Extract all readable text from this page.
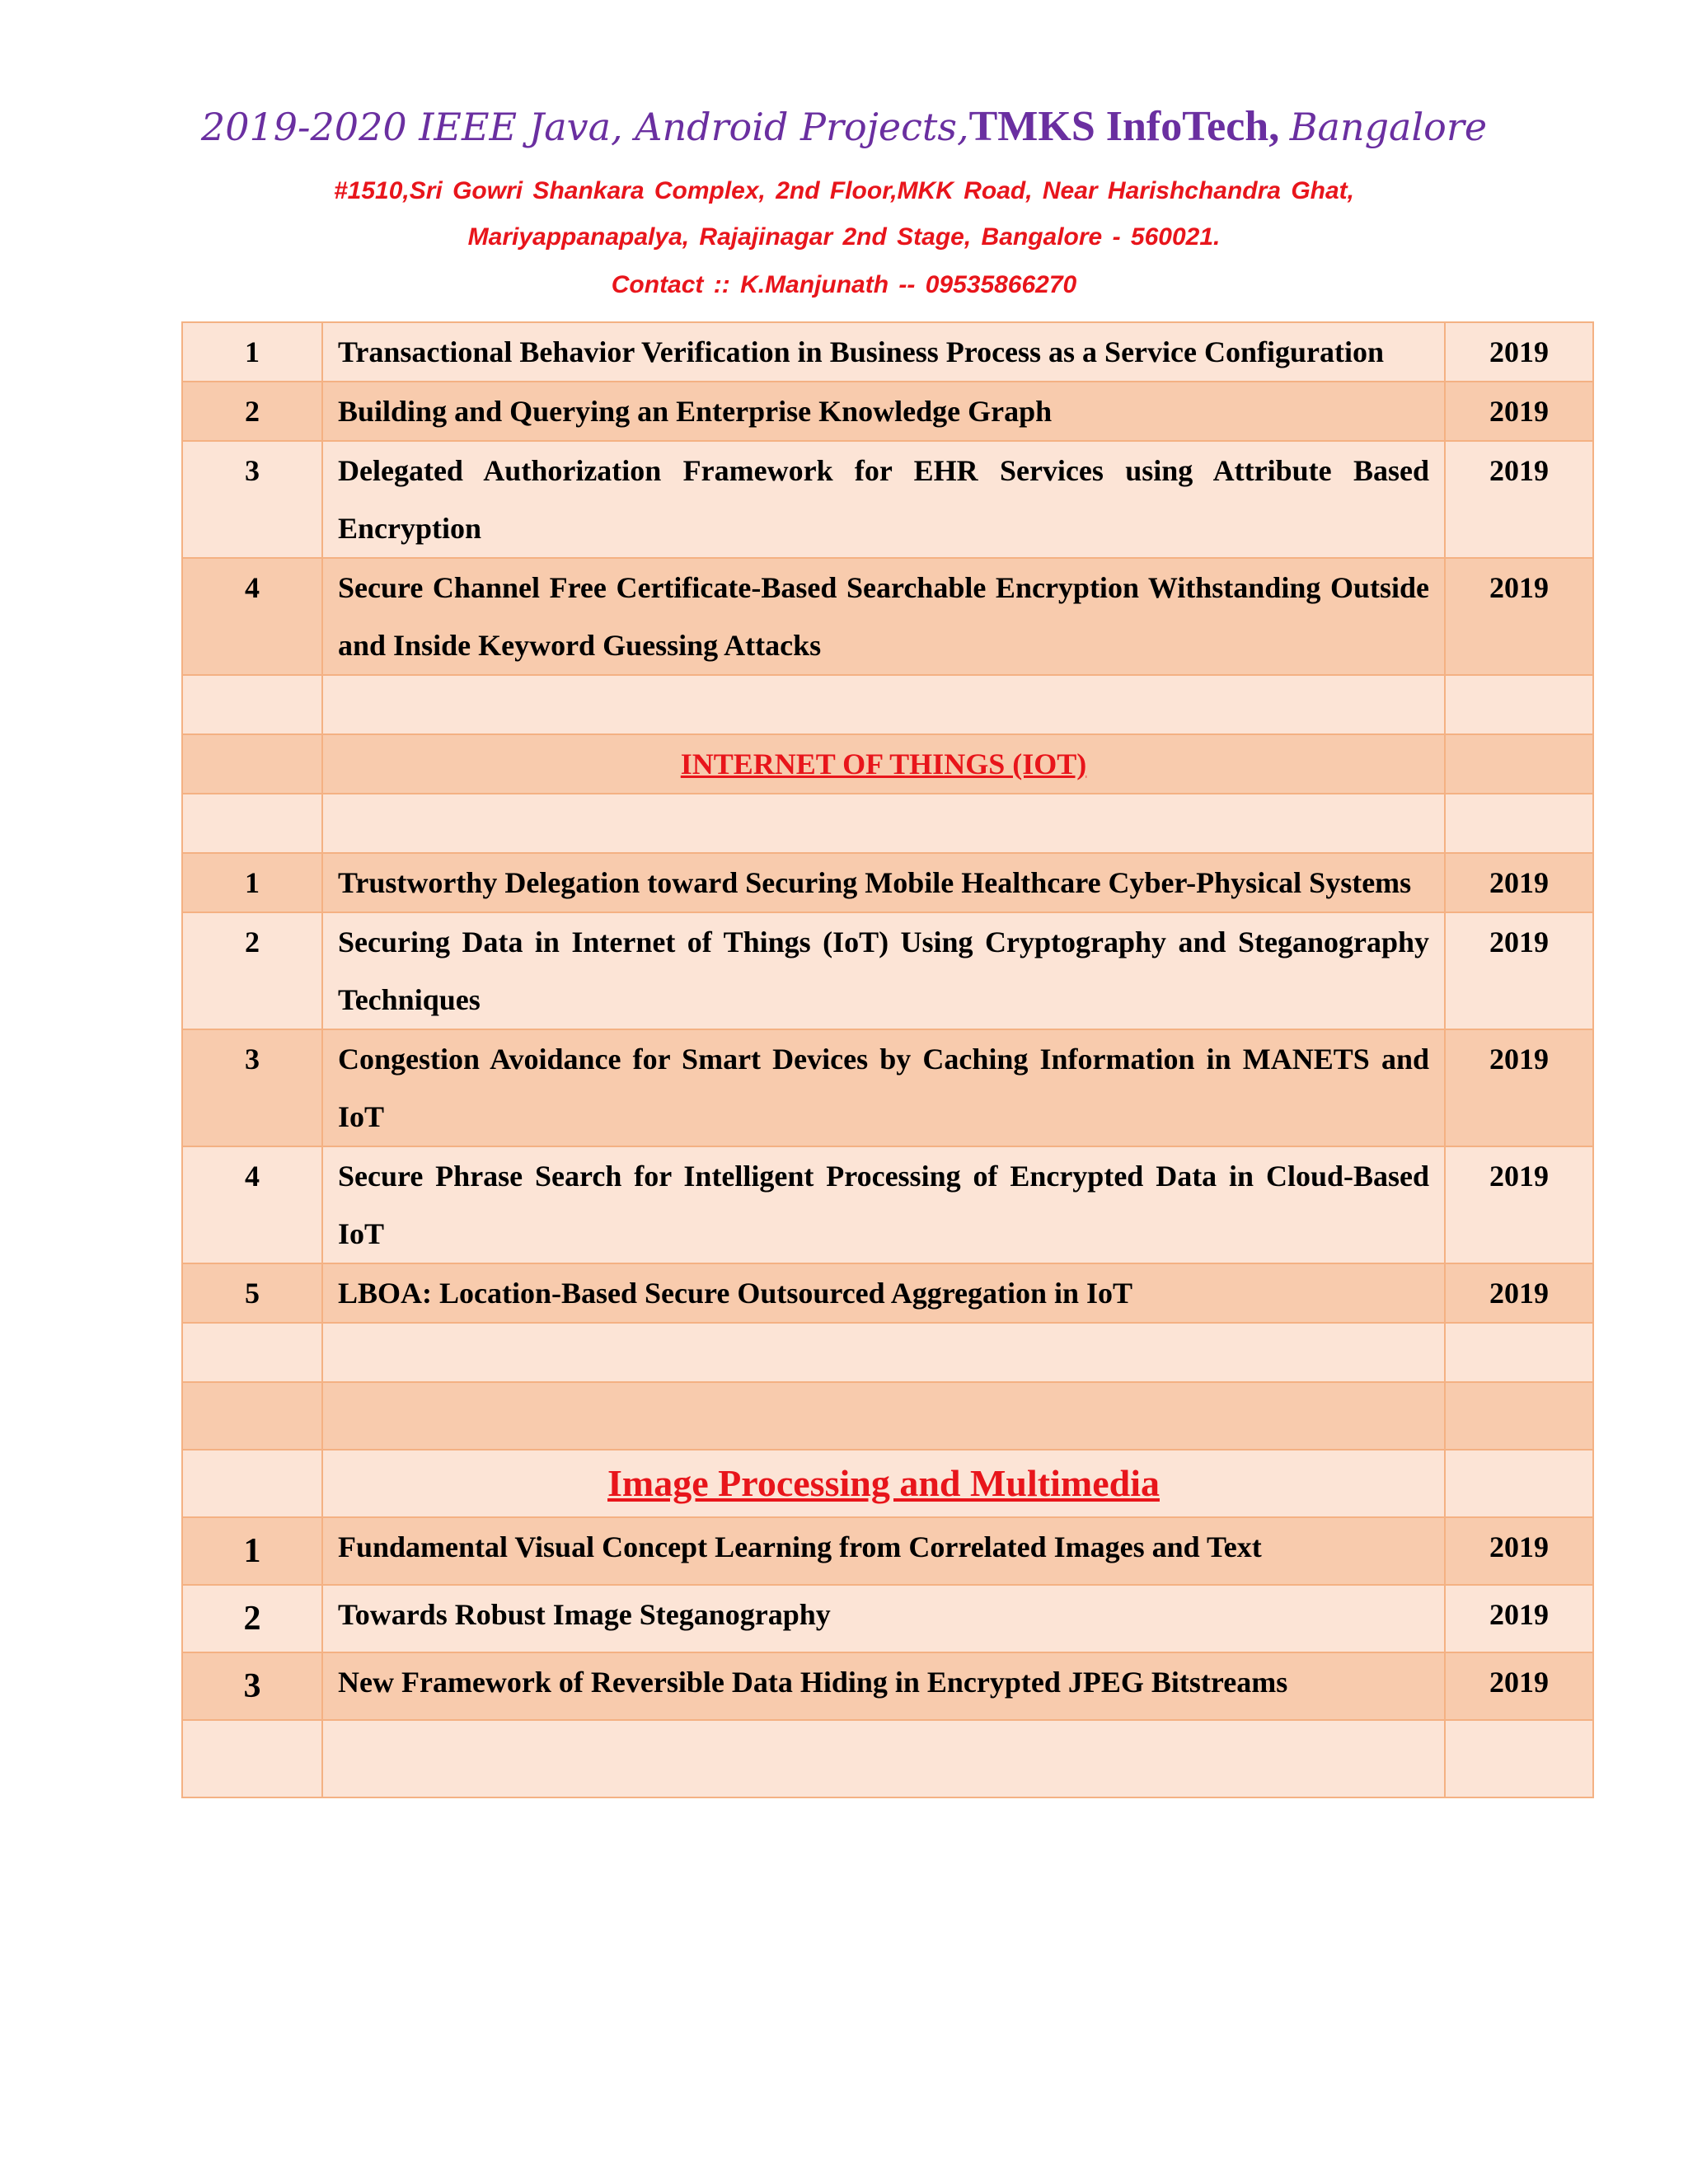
2019-2020 IEEE Java, Android Projects,TMKS InfoTech, Bangalore
#1510,Sri Gowri Shankara Complex, 2nd Floor,MKK Road, Near Harishchandra Ghat,
Mariyappanapalya, Rajajinagar 2nd Stage, Bangalore - 560021.
Contact :: K.Manjunath -- 09535866270
1	Transactional Behavior Verification in Business Process as a Service Configuration	2019
2	Building and Querying an Enterprise Knowledge Graph	2019
3	Delegated Authorization Framework for EHR Services using Attribute Based Encryption	2019
4	Secure Channel Free Certificate-Based Searchable Encryption Withstanding Outside and Inside Keyword Guessing Attacks	2019

	INTERNET OF THINGS (IOT)	

1	Trustworthy Delegation toward Securing Mobile Healthcare Cyber-Physical Systems	2019
2	Securing Data in Internet of Things (IoT) Using Cryptography and Steganography Techniques	2019
3	Congestion Avoidance for Smart Devices by Caching Information in MANETS and IoT	2019
4	Secure Phrase Search for Intelligent Processing of Encrypted Data in Cloud-Based IoT	2019
5	LBOA: Location-Based Secure Outsourced Aggregation in IoT	2019

	Image Processing and Multimedia	
1	Fundamental Visual Concept Learning from Correlated Images and Text	2019
2	Towards Robust Image Steganography	2019
3	New Framework of Reversible Data Hiding in Encrypted JPEG Bitstreams	2019
